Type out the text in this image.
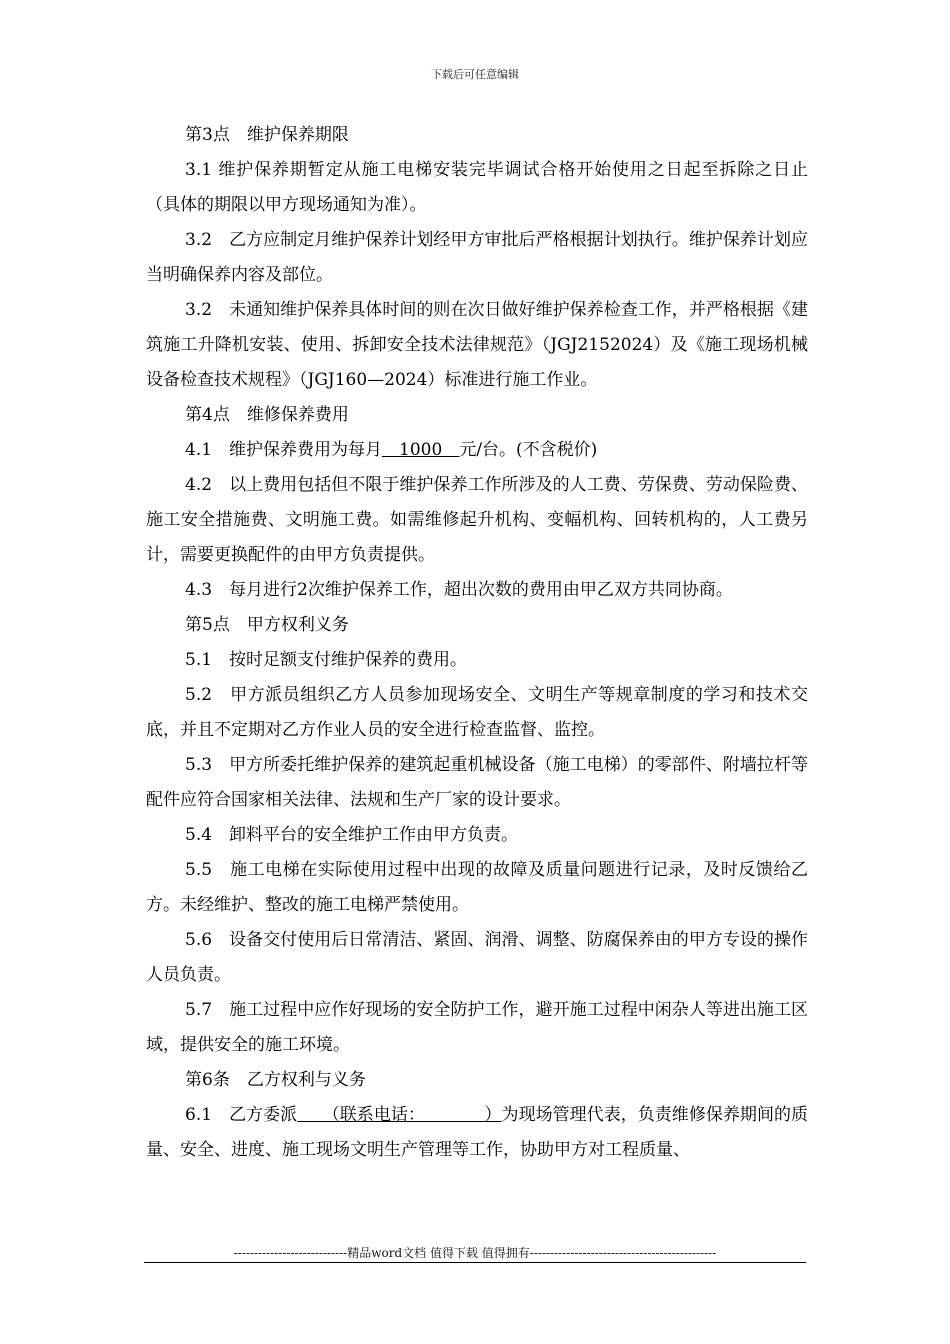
下载后可任意编辑

第3点　维护保养期限

3.1 维护保养期暂定从施工电梯安装完毕调试合格开始使用之日起至拆除之日止（具体的期限以甲方现场通知为准）。

3.2　乙方应制定月维护保养计划经甲方审批后严格根据计划执行。维护保养计划应当明确保养内容及部位。

3.2　未通知维护保养具体时间的则在次日做好维护保养检查工作，并严格根据《建筑施工升降机安装、使用、拆卸安全技术法律规范》（JGJ2152024）及《施工现场机械设备检查技术规程》（JGJ160—2024）标准进行施工作业。

第4点　维修保养费用

4.1　维护保养费用为每月　1000　元/台。(不含税价)

4.2　以上费用包括但不限于维护保养工作所涉及的人工费、劳保费、劳动保险费、施工安全措施费、文明施工费。如需维修起升机构、变幅机构、回转机构的，人工费另计，需要更换配件的由甲方负责提供。

4.3　每月进行2次维护保养工作，超出次数的费用由甲乙双方共同协商。

第5点　甲方权利义务

5.1　按时足额支付维护保养的费用。

5.2　甲方派员组织乙方人员参加现场安全、文明生产等规章制度的学习和技术交底，并且不定期对乙方作业人员的安全进行检查监督、监控。

5.3　甲方所委托维护保养的建筑起重机械设备（施工电梯）的零部件、附墙拉杆等配件应符合国家相关法律、法规和生产厂家的设计要求。

5.4　卸料平台的安全维护工作由甲方负责。

5.5　施工电梯在实际使用过程中出现的故障及质量问题进行记录，及时反馈给乙方。未经维护、整改的施工电梯严禁使用。

5.6　设备交付使用后日常清洁、紧固、润滑、调整、防腐保养由的甲方专设的操作人员负责。

5.7　施工过程中应作好现场的安全防护工作，避开施工过程中闲杂人等进出施工区域，提供安全的施工环境。

第6条　乙方权利与义务

6.1　乙方委派　　（联系电话：　　　　）为现场管理代表，负责维修保养期间的质量、安全、进度、施工现场文明生产管理等工作，协助甲方对工程质量、

----------------------------精品word文档 值得下载 值得拥有----------------------------------------------
